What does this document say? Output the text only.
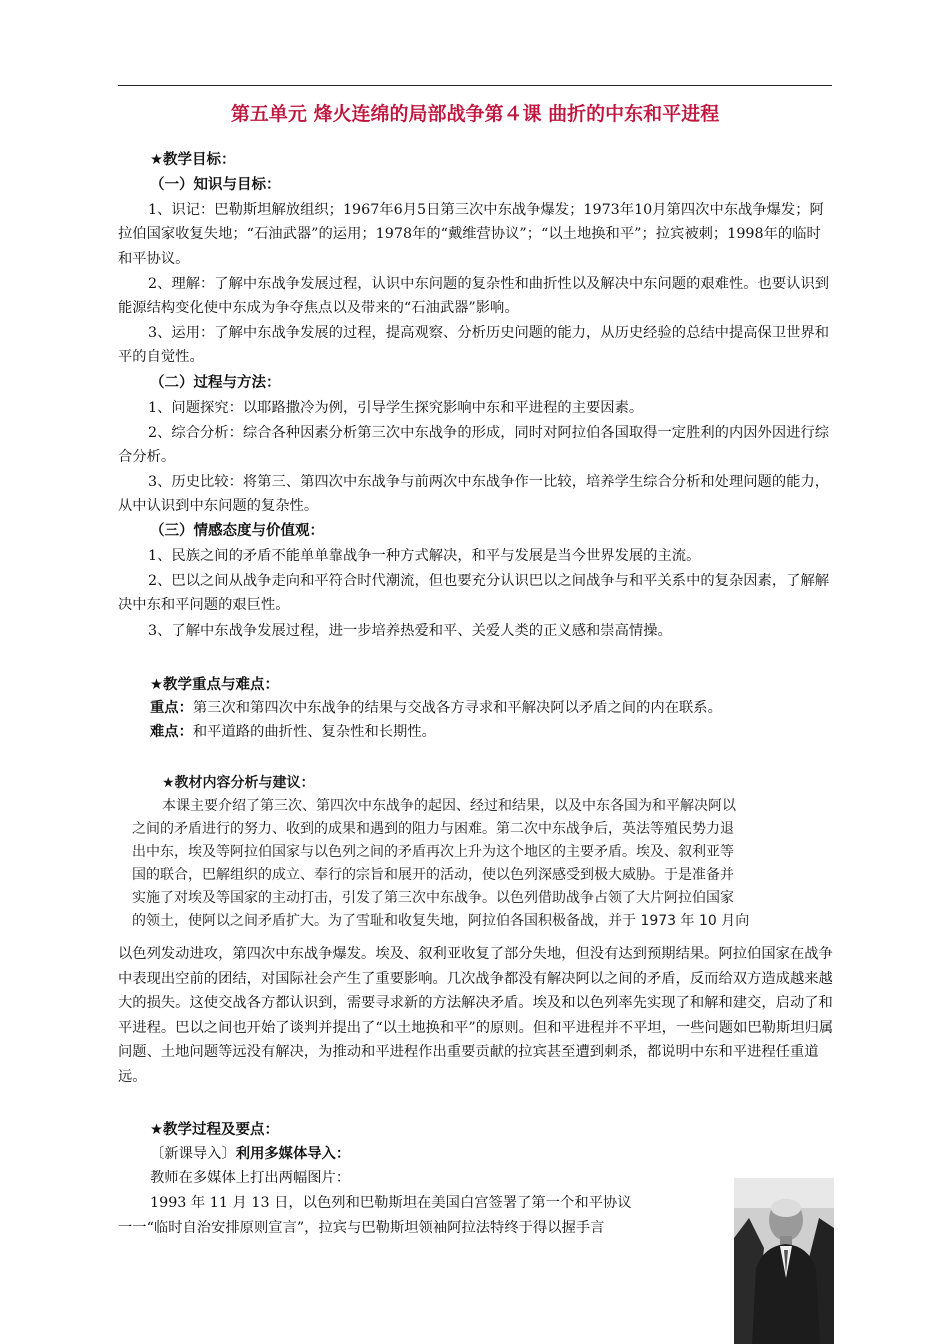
第五单元 烽火连绵的局部战争第４课 曲折的中东和平进程
★教学目标：
（一）知识与目标：
1、识记：巴勒斯坦解放组织；1967年6月5日第三次中东战争爆发；1973年10月第四次中东战争爆发；阿拉伯国家收复失地；“石油武器”的运用；1978年的“戴维营协议”；“以土地换和平”；拉宾被刺；1998年的临时和平协议。
2、理解：了解中东战争发展过程，认识中东问题的复杂性和曲折性以及解决中东问题的艰难性。也要认识到能源结构变化使中东成为争夺焦点以及带来的“石油武器”影响。
3、运用：了解中东战争发展的过程，提高观察、分析历史问题的能力，从历史经验的总结中提高保卫世界和平的自觉性。
（二）过程与方法：
1、问题探究：以耶路撒冷为例，引导学生探究影响中东和平进程的主要因素。
2、综合分析：综合各种因素分析第三次中东战争的形成，同时对阿拉伯各国取得一定胜利的内因外因进行综合分析。
3、历史比较：将第三、第四次中东战争与前两次中东战争作一比较，培养学生综合分析和处理问题的能力，从中认识到中东问题的复杂性。
（三）情感态度与价值观：
1、民族之间的矛盾不能单单靠战争一种方式解决，和平与发展是当今世界发展的主流。
2、巴以之间从战争走向和平符合时代潮流，但也要充分认识巴以之间战争与和平关系中的复杂因素，了解解决中东和平问题的艰巨性。
3、了解中东战争发展过程，进一步培养热爱和平、关爱人类的正义感和崇高情操。
★教学重点与难点：
重点：第三次和第四次中东战争的结果与交战各方寻求和平解决阿以矛盾之间的内在联系。
难点：和平道路的曲折性、复杂性和长期性。
★教材内容分析与建议：
本课主要介绍了第三次、第四次中东战争的起因、经过和结果，以及中东各国为和平解决阿以
之间的矛盾进行的努力、收到的成果和遇到的阻力与困难。第二次中东战争后，英法等殖民势力退
出中东，埃及等阿拉伯国家与以色列之间的矛盾再次上升为这个地区的主要矛盾。埃及、叙利亚等
国的联合，巴解组织的成立、奉行的宗旨和展开的活动，使以色列深感受到极大威胁。于是准备并
实施了对埃及等国家的主动打击，引发了第三次中东战争。以色列借助战争占领了大片阿拉伯国家
的领土，使阿以之间矛盾扩大。为了雪耻和收复失地，阿拉伯各国积极备战，并于 1973 年 10 月向
以色列发动进攻，第四次中东战争爆发。埃及、叙利亚收复了部分失地，但没有达到预期结果。阿拉伯国家在战争中表现出空前的团结，对国际社会产生了重要影响。几次战争都没有解决阿以之间的矛盾，反而给双方造成越来越大的损失。这使交战各方都认识到，需要寻求新的方法解决矛盾。埃及和以色列率先实现了和解和建交，启动了和平进程。巴以之间也开始了谈判并提出了“以土地换和平”的原则。但和平进程并不平坦，一些问题如巴勒斯坦归属问题、土地问题等远没有解决，为推动和平进程作出重要贡献的拉宾甚至遭到刺杀，都说明中东和平进程任重道远。
★教学过程及要点：
〔新课导入〕利用多媒体导入：
教师在多媒体上打出两幅图片：
1993 年 11 月 13 日，以色列和巴勒斯坦在美国白宫签署了第一个和平协议
一一“临时自治安排原则宣言”，拉宾与巴勒斯坦领袖阿拉法特终于得以握手言
